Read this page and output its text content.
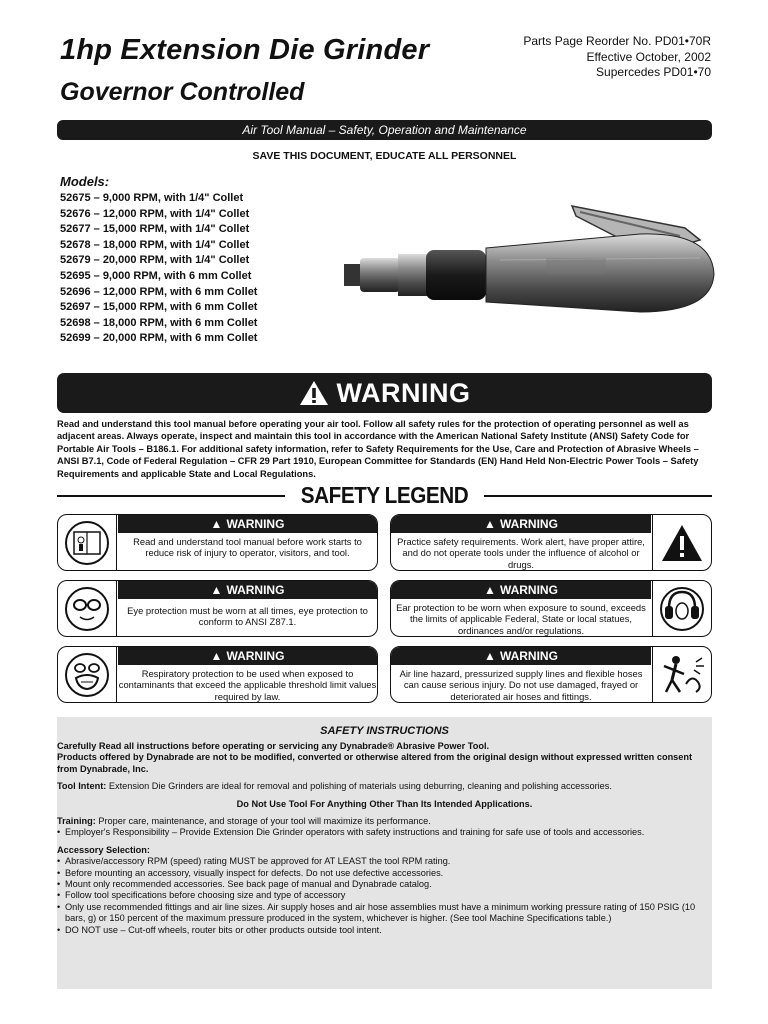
1hp Extension Die Grinder
Governor Controlled
Parts Page Reorder No. PD01•70R
Effective October, 2002
Supercedes PD01•70
Air Tool Manual – Safety, Operation and Maintenance
SAVE THIS DOCUMENT, EDUCATE ALL PERSONNEL
Models:
52675 – 9,000 RPM, with 1/4" Collet
52676 – 12,000 RPM, with 1/4" Collet
52677 – 15,000 RPM, with 1/4" Collet
52678 – 18,000 RPM, with 1/4" Collet
52679 – 20,000 RPM, with 1/4" Collet
52695 – 9,000 RPM, with 6 mm Collet
52696 – 12,000 RPM, with 6 mm Collet
52697 – 15,000 RPM, with 6 mm Collet
52698 – 18,000 RPM, with 6 mm Collet
52699 – 20,000 RPM, with 6 mm Collet
WARNING
Read and understand this tool manual before operating your air tool. Follow all safety rules for the protection of operating personnel as well as adjacent areas. Always operate, inspect and maintain this tool in accordance with the American National Safety Institute (ANSI) Safety Code for Portable Air Tools – B186.1. For additional safety information, refer to Safety Requirements for the Use, Care and Protection of Abrasive Wheels – ANSI B7.1, Code of Federal Regulation – CFR 29 Part 1910, European Committee for Standards (EN) Hand Held Non-Electric Power Tools – Safety Requirements and applicable State and Local Regulations.
SAFETY LEGEND
▲ WARNING
Read and understand tool manual before work starts to reduce risk of injury to operator, visitors, and tool.
▲ WARNING
Practice safety requirements. Work alert, have proper attire, and do not operate tools under the influence of alcohol or drugs.
▲ WARNING
Eye protection must be worn at all times, eye protection to conform to ANSI Z87.1.
▲ WARNING
Ear protection to be worn when exposure to sound, exceeds the limits of applicable Federal, State or local statues, ordinances and/or regulations.
▲ WARNING
Respiratory protection to be used when exposed to contaminants that exceed the applicable threshold limit values required by law.
▲ WARNING
Air line hazard, pressurized supply lines and flexible hoses can cause serious injury. Do not use damaged, frayed or deteriorated air hoses and fittings.
SAFETY INSTRUCTIONS
Carefully Read all instructions before operating or servicing any Dynabrade® Abrasive Power Tool.
Products offered by Dynabrade are not to be modified, converted or otherwise altered from the original design without expressed written consent from Dynabrade, Inc.
Tool Intent: Extension Die Grinders are ideal for removal and polishing of materials using deburring, cleaning and polishing accessories.
Do Not Use Tool For Anything Other Than Its Intended Applications.
Training: Proper care, maintenance, and storage of your tool will maximize its performance.
• Employer's Responsibility – Provide Extension Die Grinder operators with safety instructions and training for safe use of tools and accessories.
Accessory Selection:
• Abrasive/accessory RPM (speed) rating MUST be approved for AT LEAST the tool RPM rating.
• Before mounting an accessory, visually inspect for defects. Do not use defective accessories.
• Mount only recommended accessories. See back page of manual and Dynabrade catalog.
• Follow tool specifications before choosing size and type of accessory
• Only use recommended fittings and air line sizes. Air supply hoses and air hose assemblies must have a minimum working pressure rating of 150 PSIG (10 bars, g) or 150 percent of the maximum pressure produced in the system, whichever is higher. (See tool Machine Specifications table.)
• DO NOT use – Cut-off wheels, router bits or other products outside tool intent.
